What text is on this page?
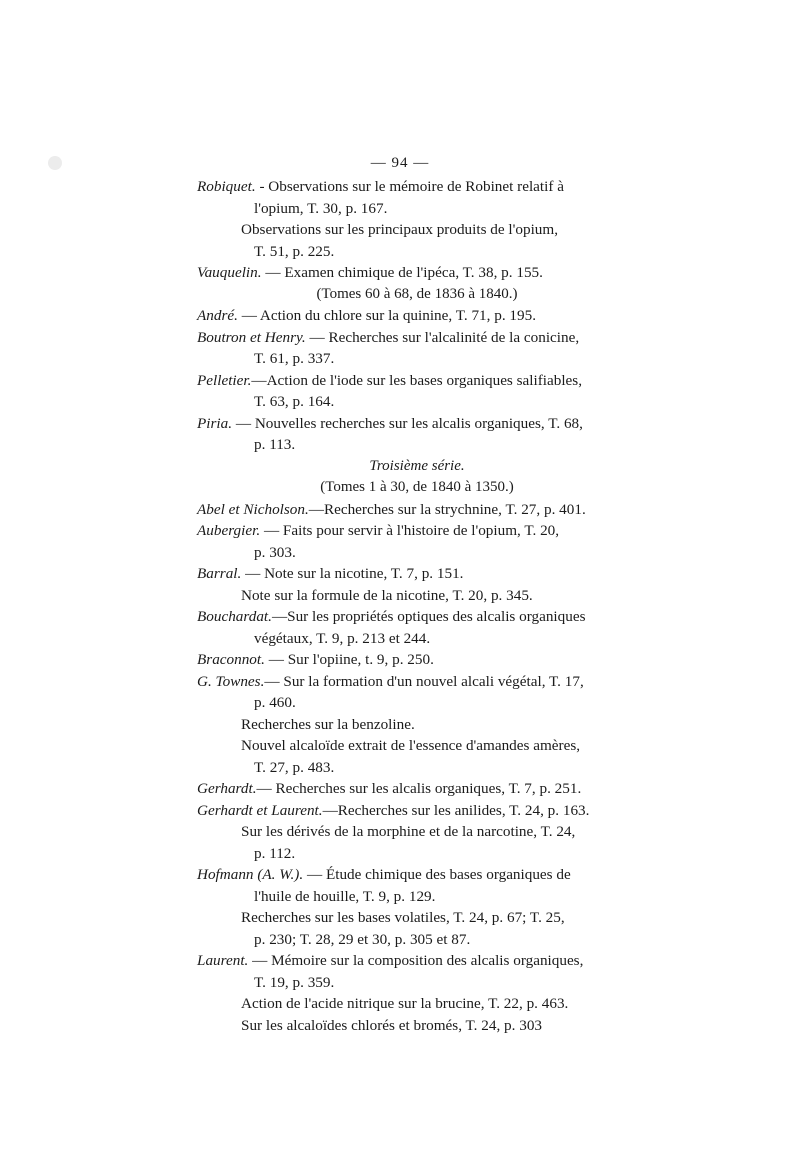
— 94 —
Robiquet. - Observations sur le mémoire de Robinet relatif à
l'opium, T. 30, p. 167.
Observations sur les principaux produits de l'opium,
T. 51, p. 225.
Vauquelin. — Examen chimique de l'ipéca, T. 38, p. 155.
(Tomes 60 à 68, de 1836 à 1840.)
André. — Action du chlore sur la quinine, T. 71, p. 195.
Boutron et Henry. — Recherches sur l'alcalinité de la conicine,
T. 61, p. 337.
Pelletier.—Action de l'iode sur les bases organiques salifiables,
T. 63, p. 164.
Piria. — Nouvelles recherches sur les alcalis organiques, T. 68,
p. 113.
Troisième série.
(Tomes 1 à 30, de 1840 à 1350.)
Abel et Nicholson.—Recherches sur la strychnine, T. 27, p. 401.
Aubergier. — Faits pour servir à l'histoire de l'opium, T. 20,
p. 303.
Barral. — Note sur la nicotine, T. 7, p. 151.
Note sur la formule de la nicotine, T. 20, p. 345.
Bouchardat.—Sur les propriétés optiques des alcalis organiques
végétaux, T. 9, p. 213 et 244.
Braconnot. — Sur l'opiine, t. 9, p. 250.
G. Townes.— Sur la formation d'un nouvel alcali végétal, T. 17,
p. 460.
Recherches sur la benzoline.
Nouvel alcaloïde extrait de l'essence d'amandes amères,
T. 27, p. 483.
Gerhardt.— Recherches sur les alcalis organiques, T. 7, p. 251.
Gerhardt et Laurent.—Recherches sur les anilides, T. 24, p. 163.
Sur les dérivés de la morphine et de la narcotine, T. 24,
p. 112.
Hofmann (A. W.). — Étude chimique des bases organiques de
l'huile de houille, T. 9, p. 129.
Recherches sur les bases volatiles, T. 24, p. 67; T. 25,
p. 230; T. 28, 29 et 30, p. 305 et 87.
Laurent. — Mémoire sur la composition des alcalis organiques,
T. 19, p. 359.
Action de l'acide nitrique sur la brucine, T. 22, p. 463.
Sur les alcaloïdes chlorés et bromés, T. 24, p. 303
